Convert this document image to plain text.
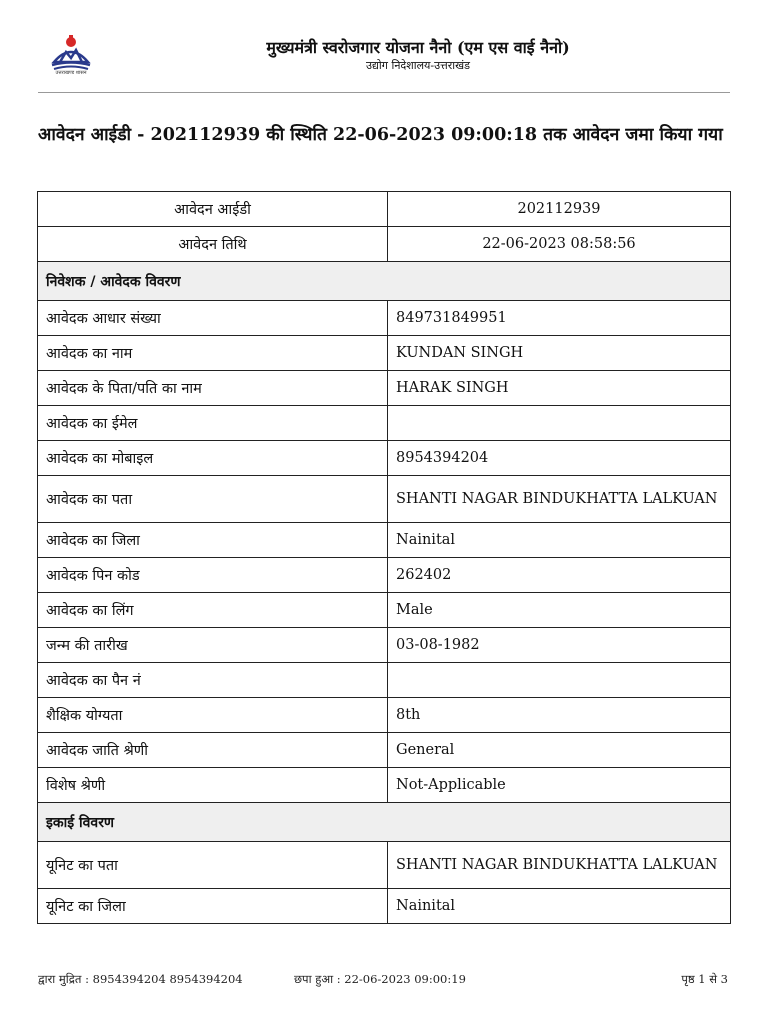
उत्तराखण्ड शासन
मुख्यमंत्री स्वरोजगार योजना नैनो (एम एस वाई नैनो)
उद्योग निदेशालय-उत्तराखंड
आवेदन आईडी - 202112939 की स्थिति 22-06-2023 09:00:18 तक आवेदन जमा किया गया
आवेदन आईडी	202112939
आवेदन तिथि	22-06-2023 08:58:56
निवेशक / आवेदक विवरण	
आवेदक आधार संख्या	849731849951
आवेदक का नाम	KUNDAN SINGH
आवेदक के पिता/पति का नाम	HARAK SINGH
आवेदक का ईमेल	
आवेदक का मोबाइल	8954394204
आवेदक का पता	SHANTI NAGAR BINDUKHATTA LALKUAN
आवेदक का जिला	Nainital
आवेदक पिन कोड	262402
आवेदक का लिंग	Male
जन्म की तारीख	03-08-1982
आवेदक का पैन नं	
शैक्षिक योग्यता	8th
आवेदक जाति श्रेणी	General
विशेष श्रेणी	Not-Applicable
इकाई विवरण	
यूनिट का पता	SHANTI NAGAR BINDUKHATTA LALKUAN
यूनिट का जिला	Nainital
द्वारा मुद्रित : 8954394204 8954394204	छपा हुआ : 22-06-2023 09:00:19	पृष्ठ 1 से 3
